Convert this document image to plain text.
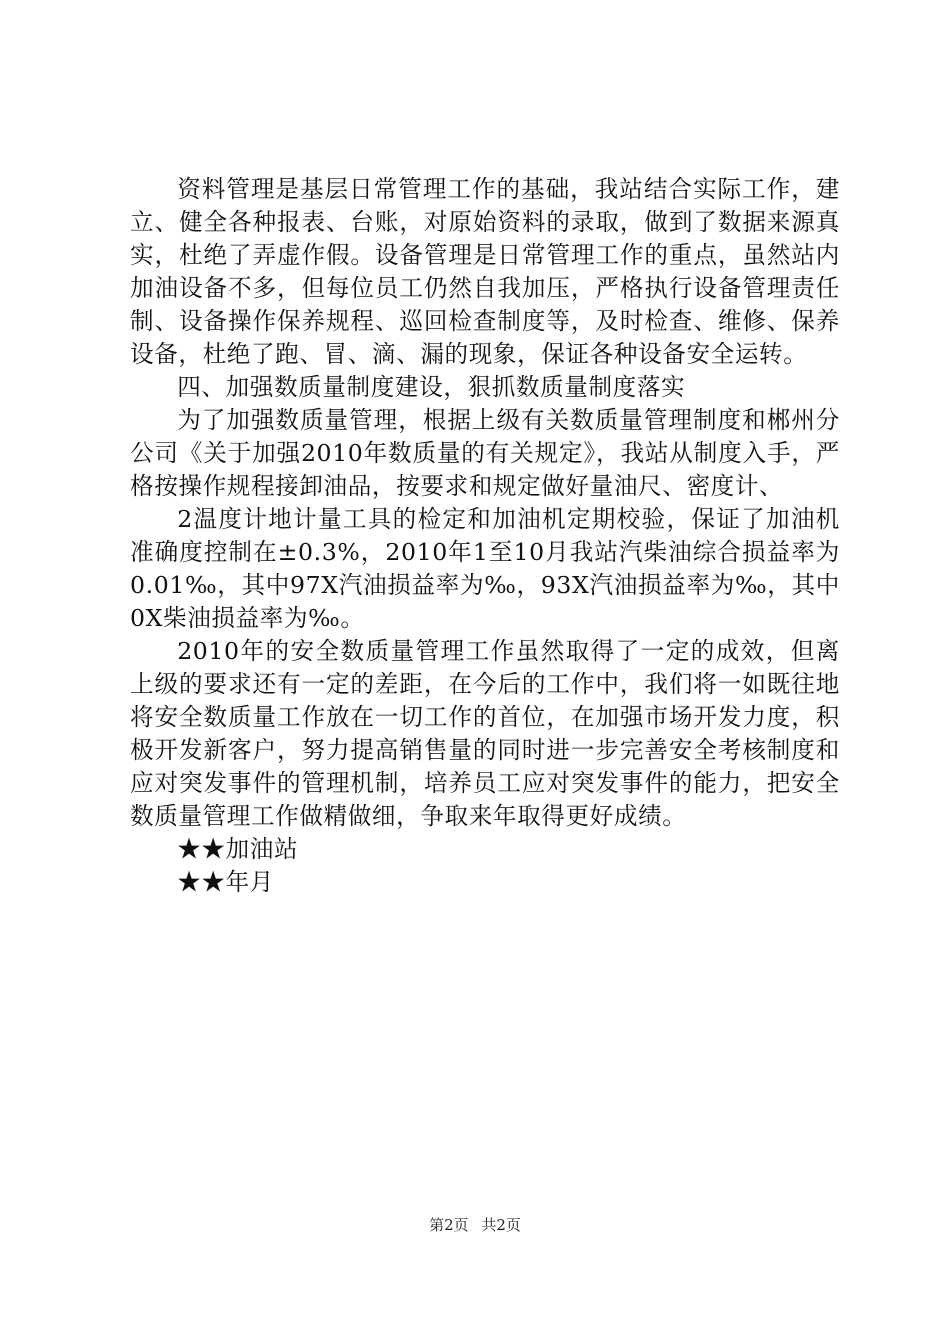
资料管理是基层日常管理工作的基础，我站结合实际工作，建立、健全各种报表、台账，对原始资料的录取，做到了数据来源真实，杜绝了弄虚作假。设备管理是日常管理工作的重点，虽然站内加油设备不多，但每位员工仍然自我加压，严格执行设备管理责任制、设备操作保养规程、巡回检查制度等，及时检查、维修、保养设备，杜绝了跑、冒、滴、漏的现象，保证各种设备安全运转。

四、加强数质量制度建设，狠抓数质量制度落实

为了加强数质量管理，根据上级有关数质量管理制度和郴州分公司《关于加强2010年数质量的有关规定》，我站从制度入手，严格按操作规程接卸油品，按要求和规定做好量油尺、密度计、

2温度计地计量工具的检定和加油机定期校验，保证了加油机准确度控制在±0.3%，2010年1至10月我站汽柴油综合损益率为0.01‰，其中97X汽油损益率为‰，93X汽油损益率为‰，其中0X柴油损益率为‰。

2010年的安全数质量管理工作虽然取得了一定的成效，但离上级的要求还有一定的差距，在今后的工作中，我们将一如既往地将安全数质量工作放在一切工作的首位，在加强市场开发力度，积极开发新客户，努力提高销售量的同时进一步完善安全考核制度和应对突发事件的管理机制，培养员工应对突发事件的能力，把安全数质量管理工作做精做细，争取来年取得更好成绩。

★★加油站

★★年月

第2页 共2页
